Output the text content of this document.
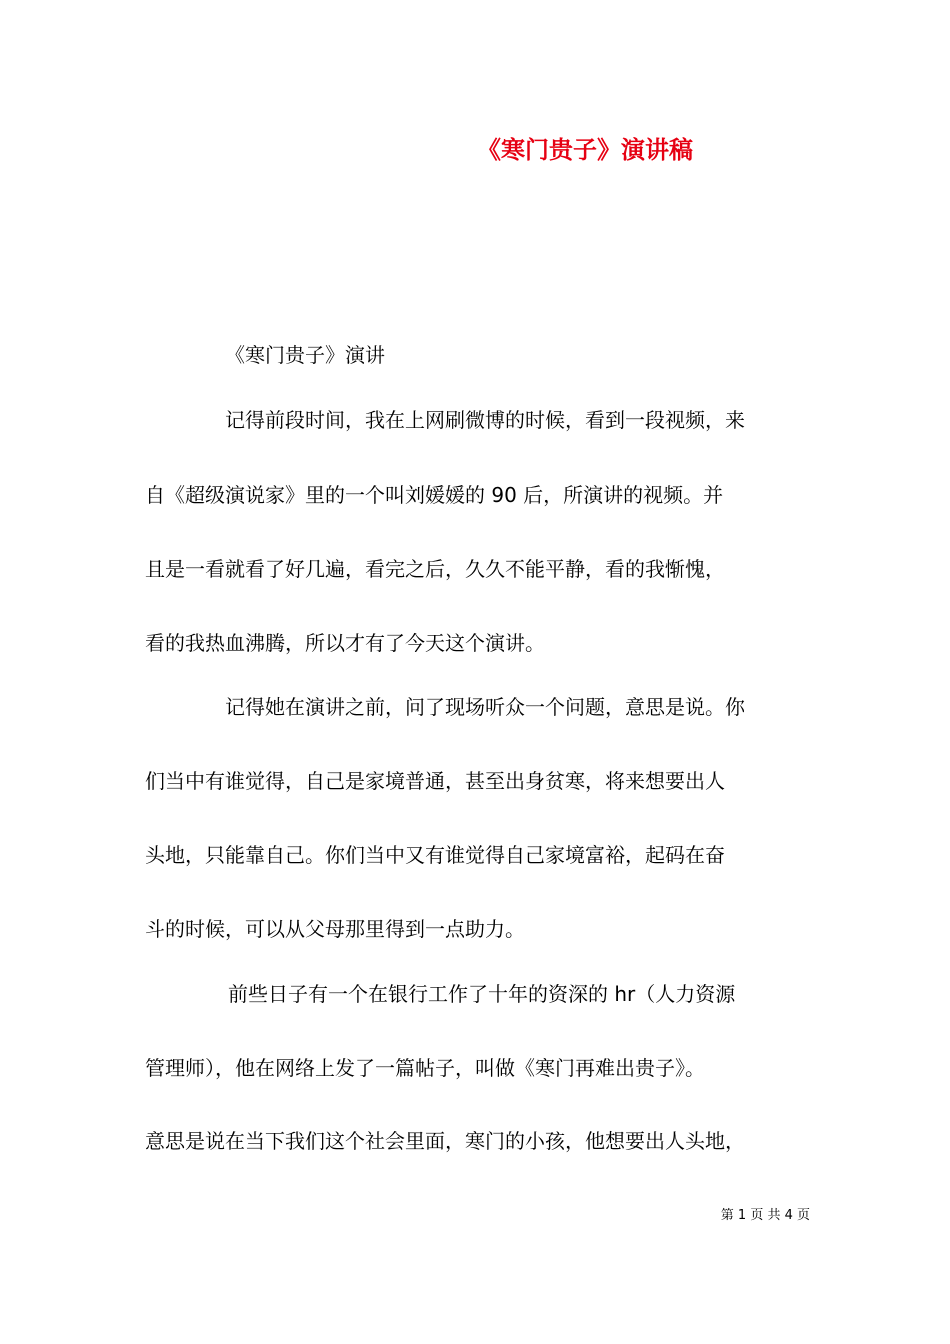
《寒门贵子》演讲稿
《寒门贵子》演讲
记得前段时间，我在上网刷微博的时候，看到一段视频，来
自《超级演说家》里的一个叫刘媛媛的 90 后，所演讲的视频。并
且是一看就看了好几遍，看完之后，久久不能平静，看的我惭愧，
看的我热血沸腾，所以才有了今天这个演讲。
记得她在演讲之前，问了现场听众一个问题，意思是说。你
们当中有谁觉得，自己是家境普通，甚至出身贫寒，将来想要出人
头地，只能靠自己。你们当中又有谁觉得自己家境富裕，起码在奋
斗的时候，可以从父母那里得到一点助力。
前些日子有一个在银行工作了十年的资深的 hr（人力资源
管理师），他在网络上发了一篇帖子，叫做《寒门再难出贵子》。
意思是说在当下我们这个社会里面，寒门的小孩，他想要出人头地，
第 1 页 共 4 页
